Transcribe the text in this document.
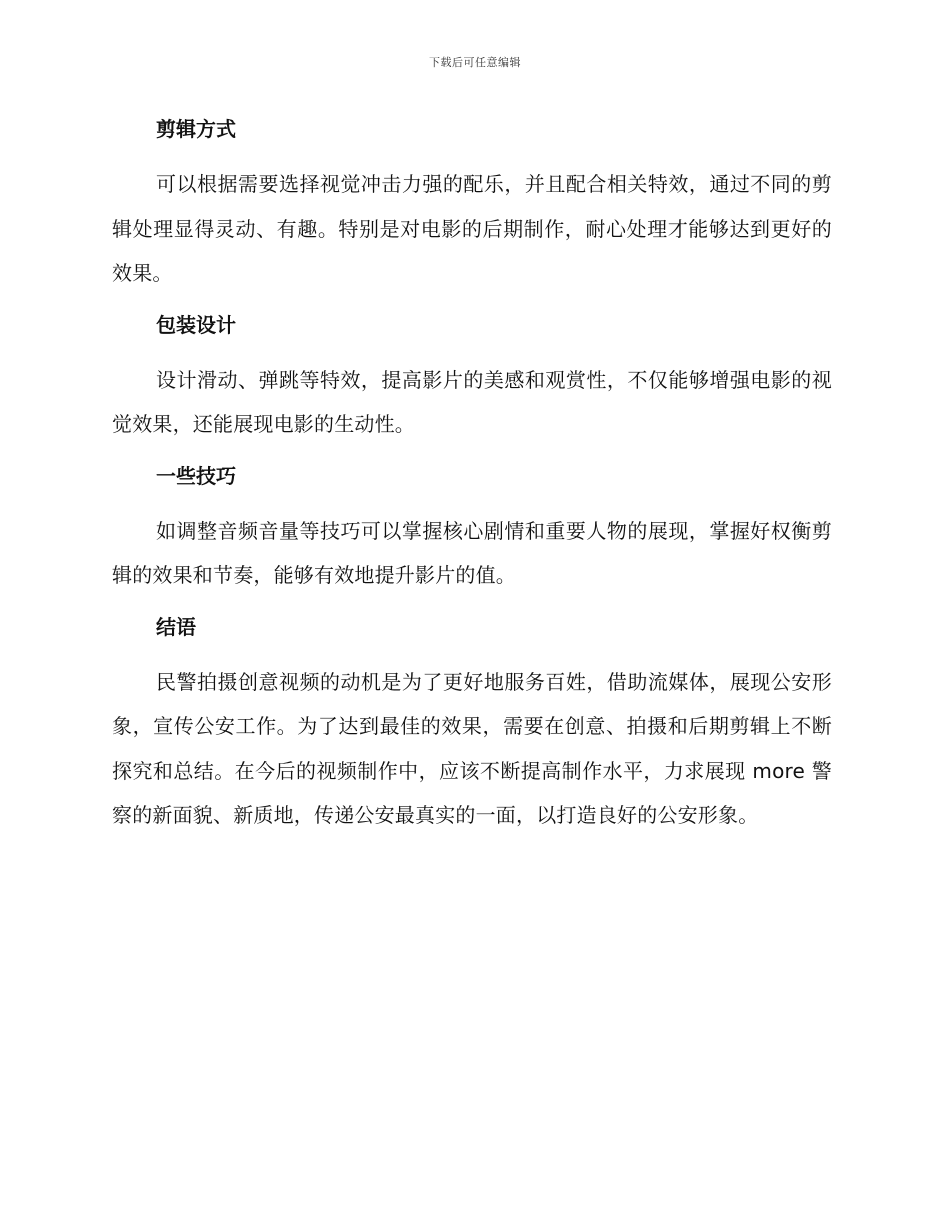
下载后可任意编辑
剪辑方式

可以根据需要选择视觉冲击力强的配乐，并且配合相关特效，通过不同的剪辑处理显得灵动、有趣。特别是对电影的后期制作，耐心处理才能够达到更好的效果。

包装设计

设计滑动、弹跳等特效，提高影片的美感和观赏性，不仅能够增强电影的视觉效果，还能展现电影的生动性。

一些技巧

如调整音频音量等技巧可以掌握核心剧情和重要人物的展现，掌握好权衡剪辑的效果和节奏，能够有效地提升影片的值。

结语

民警拍摄创意视频的动机是为了更好地服务百姓，借助流媒体，展现公安形象，宣传公安工作。为了达到最佳的效果，需要在创意、拍摄和后期剪辑上不断探究和总结。在今后的视频制作中，应该不断提高制作水平，力求展现 more 警察的新面貌、新质地，传递公安最真实的一面，以打造良好的公安形象。
